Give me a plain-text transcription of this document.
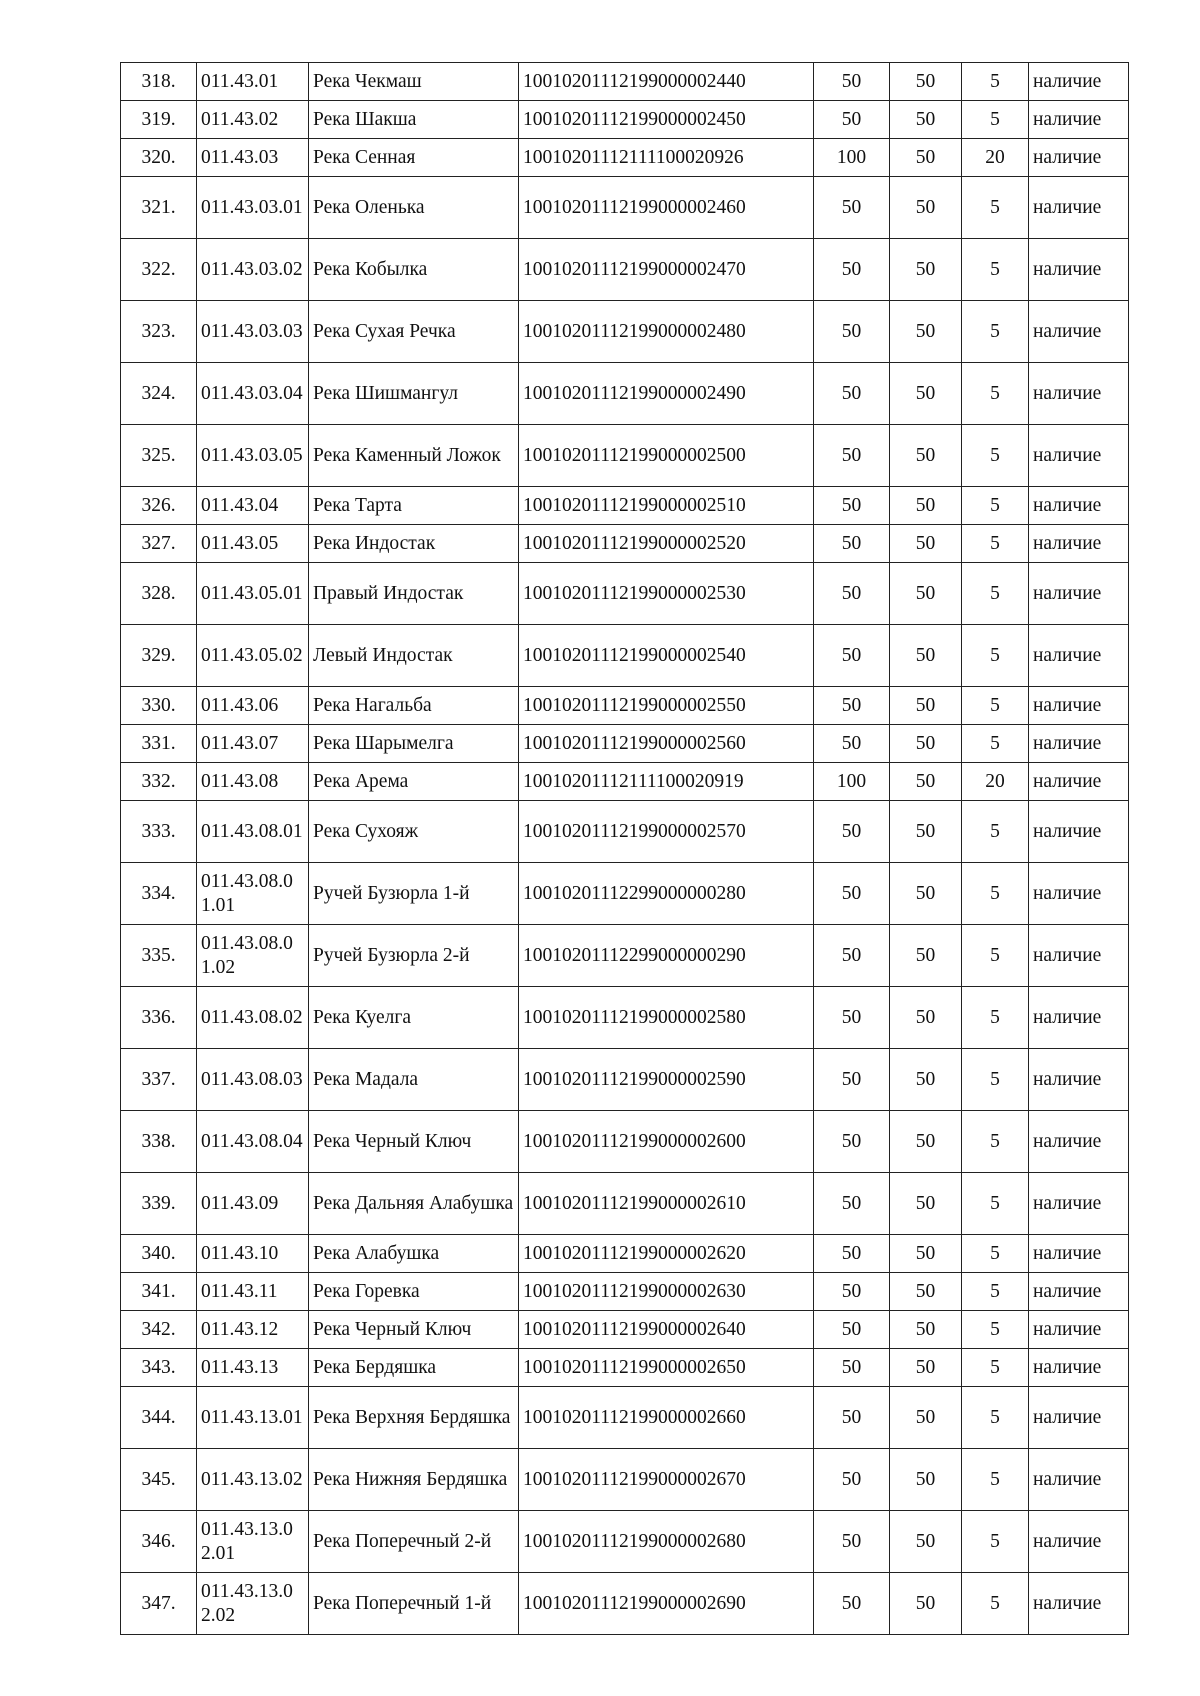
318.	011.43.01	Река Чекмаш	10010201112199000002440	50	50	5	наличие
319.	011.43.02	Река Шакша	10010201112199000002450	50	50	5	наличие
320.	011.43.03	Река Сенная	10010201112111100020926	100	50	20	наличие
321.	011.43.03.01	Река Оленька	10010201112199000002460	50	50	5	наличие
322.	011.43.03.02	Река Кобылка	10010201112199000002470	50	50	5	наличие
323.	011.43.03.03	Река Сухая Речка	10010201112199000002480	50	50	5	наличие
324.	011.43.03.04	Река Шишмангул	10010201112199000002490	50	50	5	наличие
325.	011.43.03.05	Река Каменный Ложок	10010201112199000002500	50	50	5	наличие
326.	011.43.04	Река Тарта	10010201112199000002510	50	50	5	наличие
327.	011.43.05	Река Индостак	10010201112199000002520	50	50	5	наличие
328.	011.43.05.01	Правый Индостак	10010201112199000002530	50	50	5	наличие
329.	011.43.05.02	Левый Индостак	10010201112199000002540	50	50	5	наличие
330.	011.43.06	Река Нагальба	10010201112199000002550	50	50	5	наличие
331.	011.43.07	Река Шарымелга	10010201112199000002560	50	50	5	наличие
332.	011.43.08	Река Арема	10010201112111100020919	100	50	20	наличие
333.	011.43.08.01	Река Сухояж	10010201112199000002570	50	50	5	наличие
334.	011.43.08.01.01	Ручей Бузюрла 1-й	10010201112299000000280	50	50	5	наличие
335.	011.43.08.01.02	Ручей Бузюрла 2-й	10010201112299000000290	50	50	5	наличие
336.	011.43.08.02	Река Куелга	10010201112199000002580	50	50	5	наличие
337.	011.43.08.03	Река Мадала	10010201112199000002590	50	50	5	наличие
338.	011.43.08.04	Река Черный Ключ	10010201112199000002600	50	50	5	наличие
339.	011.43.09	Река Дальняя Алабушка	10010201112199000002610	50	50	5	наличие
340.	011.43.10	Река Алабушка	10010201112199000002620	50	50	5	наличие
341.	011.43.11	Река Горевка	10010201112199000002630	50	50	5	наличие
342.	011.43.12	Река Черный Ключ	10010201112199000002640	50	50	5	наличие
343.	011.43.13	Река Бердяшка	10010201112199000002650	50	50	5	наличие
344.	011.43.13.01	Река Верхняя Бердяшка	10010201112199000002660	50	50	5	наличие
345.	011.43.13.02	Река Нижняя Бердяшка	10010201112199000002670	50	50	5	наличие
346.	011.43.13.02.01	Река Поперечный 2-й	10010201112199000002680	50	50	5	наличие
347.	011.43.13.02.02	Река Поперечный 1-й	10010201112199000002690	50	50	5	наличие
